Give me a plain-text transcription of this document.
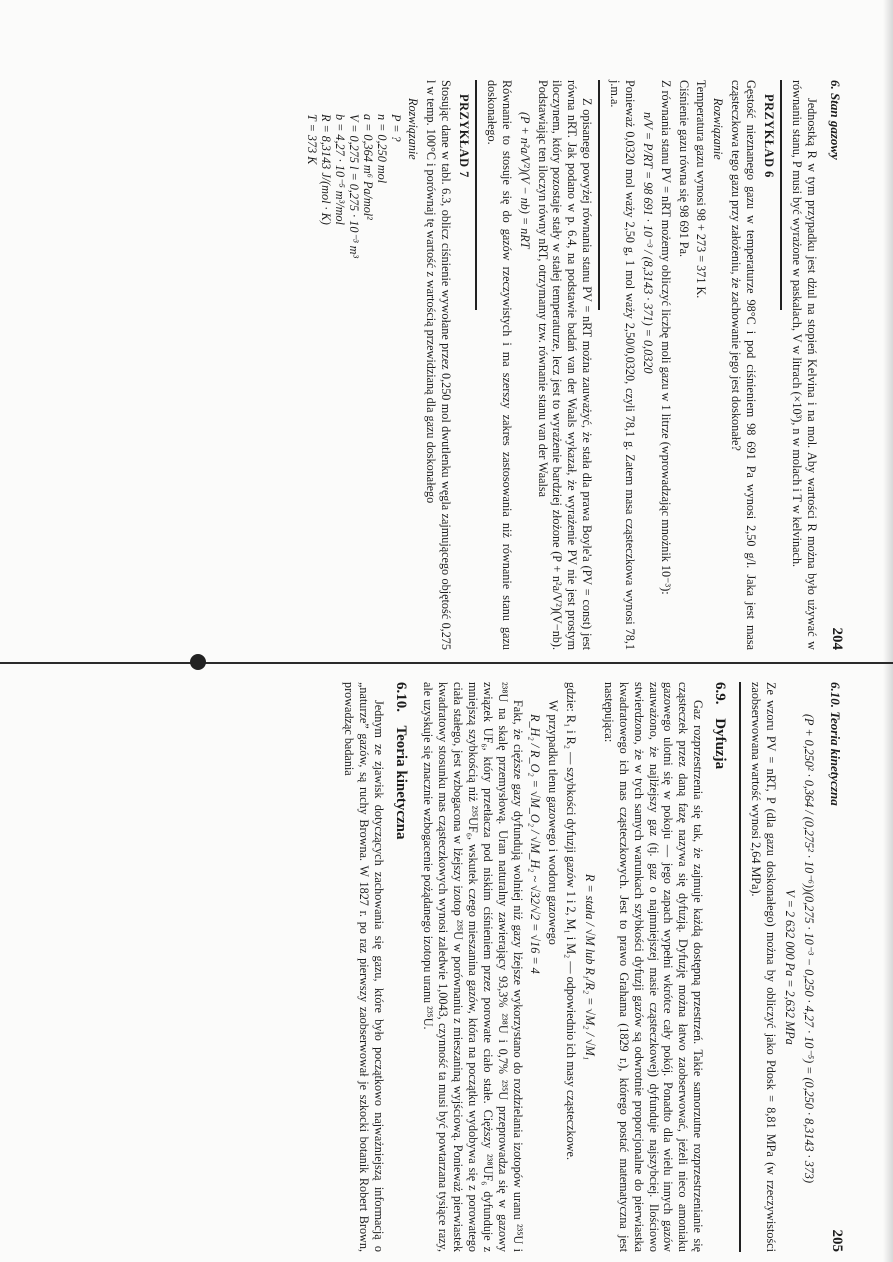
6. Stan gazowy
204

Jednostką R w tym przypadku jest dżul na stopień Kelvina i na mol. Aby wartości R można było używać w równaniu stanu, P musi być wyrażone w paskalach, V w litrach (×10³), n w molach i T w kelvinach.

PRZYKŁAD 6

Gęstość nieznanego gazu w temperaturze 98°C i pod ciśnieniem 98 691 Pa wynosi 2,50 g/l. Jaka jest masa cząsteczkowa tego gazu przy założeniu, że zachowanie jego jest doskonałe?

Rozwiązanie

Temperatura gazu wynosi 98 + 273 = 371 K.

Ciśnienie gazu równa się 98 691 Pa.

Z równania stanu PV = nRT możemy obliczyć liczbę moli gazu w 1 litrze (wprowadzając mnożnik 10⁻³):

n/V = P/RT = 98 691 · 10⁻³ / (8,3143 · 371) = 0,0320

Ponieważ 0,0320 mol waży 2,50 g, 1 mol waży 2,50/0,0320, czyli 78,1 g. Zatem masa cząsteczkowa wynosi 78,1 j.m.a.

Z opisanego powyżej równania stanu PV = nRT można zauważyć, że stała dla prawa Boyle'a (PV = const) jest równa nRT. Jak podano w p. 6.4, na podstawie badań van der Waals wykazał, że wyrażenie PV nie jest prostym iloczynem, który pozostaje stały w stałej temperaturze, lecz jest to wyrażenie bardziej złożone (P + n²a/V²)(V−nb). Podstawiając ten iloczyn równy nRT, otrzymamy tzw. równanie stanu van der Waalsa

(P + n²a/V²)(V − nb) = nRT

Równanie to stosuje się do gazów rzeczywistych i ma szerszy zakres zastosowania niż równanie stanu gazu doskonałego.

PRZYKŁAD 7

Stosując dane w tabl. 6.3, oblicz ciśnienie wywołane przez 0,250 mol dwutlenku węgla zajmującego objętość 0,275 l w temp. 100°C i porównaj tę wartość z wartością przewidzianą dla gazu doskonałego

Rozwiązanie
P = ?
n = 0,250 mol
a = 0,364 m⁶ Pa/mol²
V = 0,275 l = 0,275 · 10⁻³ m³
b = 4,27 · 10⁻⁵ m³/mol
R = 8,3143 J/(mol · K)
T = 373 K
6.10. Teoria kinetyczna
205
(P + 0,250² · 0,364 / (0,275² · 10⁻⁶))(0,275 · 10⁻³ − 0,250 · 4,27 · 10⁻⁵) = (0,250 · 8,3143 · 373)
V = 2 632 000 Pa = 2,632 MPa

Ze wzoru PV = nRT, P (dla gazu doskonałego) można by obliczyć jako Pdosk = 8,81 MPa (w rzeczywistości zaobserwowana wartość wynosi 2,64 MPa).

6.9. Dyfuzja

Gaz rozprzestrzenia się tak, że zajmuje każdą dostępną przestrzeń. Takie samorzutne rozprzestrzenianie się cząsteczek przez daną fazę nazywa się dyfuzją. Dyfuzję można łatwo zaobserwować, jeżeli nieco amoniaku gazowego ulotni się w pokoju — jego zapach wypełni wkrótce cały pokój. Ponadto dla wielu innych gazów zauważono, że najlżejszy gaz (tj. gaz o najmniejszej masie cząsteczkowej) dyfunduje najszybciej. Ilościowo stwierdzono, że w tych samych warunkach szybkości dyfuzji gazów są odwrotnie proporcjonalne do pierwiastka kwadratowego ich mas cząsteczkowych. Jest to prawo Grahama (1829 r.), którego postać matematyczna jest następująca:

R = stała / √M lub R₁/R₂ = √M₂ / √M₁

gdzie: R₁ i R₂ — szybkości dyfuzji gazów 1 i 2, M₁ i M₂ — odpowiednio ich masy cząsteczkowe.

W przypadku tlenu gazowego i wodoru gazowego

R_H₂ / R_O₂ = √M_O₂ / √M_H₂ ~ √32/√2 = √16 = 4

Fakt, że cięższe gazy dyfundują wolniej niż gazy lżejsze wykorzystano do rozdzielania izotopów uranu ²³⁵U i ²³⁸U na skalę przemysłową. Uran naturalny zawierający 93,3% ²³⁸U i 0,7% ²³⁵U przeprowadza się w gazowy związek UF₆, który przetłacza pod niskim ciśnieniem przez porowate ciało stałe. Cięższy ²³⁸UF₆ dyfunduje z mniejszą szybkością niż ²³⁵UF₆, wskutek czego mieszanina gazów, która na początku wydobywa się z porowatego ciała stałego, jest wzbogacona w lżejszy izotop ²³⁵U w porównaniu z mieszaniną wyjściową. Ponieważ pierwiastek kwadratowy stosunku mas cząsteczkowych wynosi zaledwie 1,0043, czynność ta musi być powtarzana tysiące razy, ale uzyskuje się znacznie wzbogacenie pożądanego izotopu uranu ²³⁵U.

6.10. Teoria kinetyczna

Jednym ze zjawisk dotyczących zachowania się gazu, które było początkowo najważniejszą informacją o „naturze” gazów, są ruchy Browna. W 1827 r. po raz pierwszy zaobserwował je szkocki botanik Robert Brown, prowadząc badania
